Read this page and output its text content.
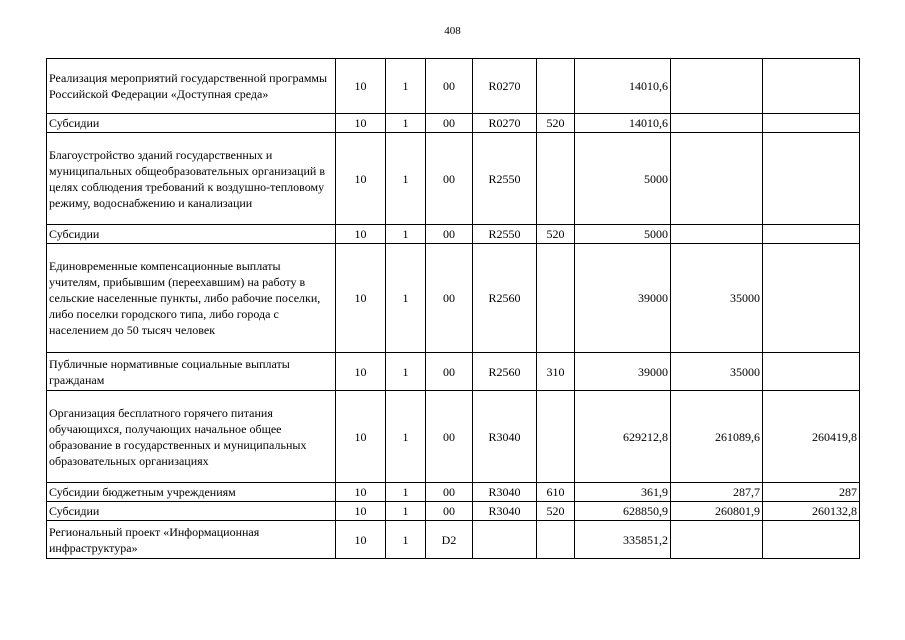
408
Реализация мероприятий государственной программы Российской Федерации «Доступная среда»	10	1	00	R0270		14010,6		
Субсидии	10	1	00	R0270	520	14010,6		
Благоустройство зданий государственных и муниципальных общеобразовательных организаций в целях соблюдения требований к воздушно-тепловому режиму, водоснабжению и канализации	10	1	00	R2550		5000		
Субсидии	10	1	00	R2550	520	5000		
Единовременные компенсационные выплаты учителям, прибывшим (переехавшим) на работу в сельские населенные пункты, либо рабочие поселки, либо поселки городского типа, либо города с населением до 50 тысяч человек	10	1	00	R2560		39000	35000	
Публичные нормативные социальные выплаты гражданам	10	1	00	R2560	310	39000	35000	
Организация бесплатного горячего питания обучающихся, получающих начальное общее образование в государственных и муниципальных образовательных организациях	10	1	00	R3040		629212,8	261089,6	260419,8
Субсидии бюджетным учреждениям	10	1	00	R3040	610	361,9	287,7	287
Субсидии	10	1	00	R3040	520	628850,9	260801,9	260132,8
Региональный проект «Информационная инфраструктура»	10	1	D2			335851,2		
